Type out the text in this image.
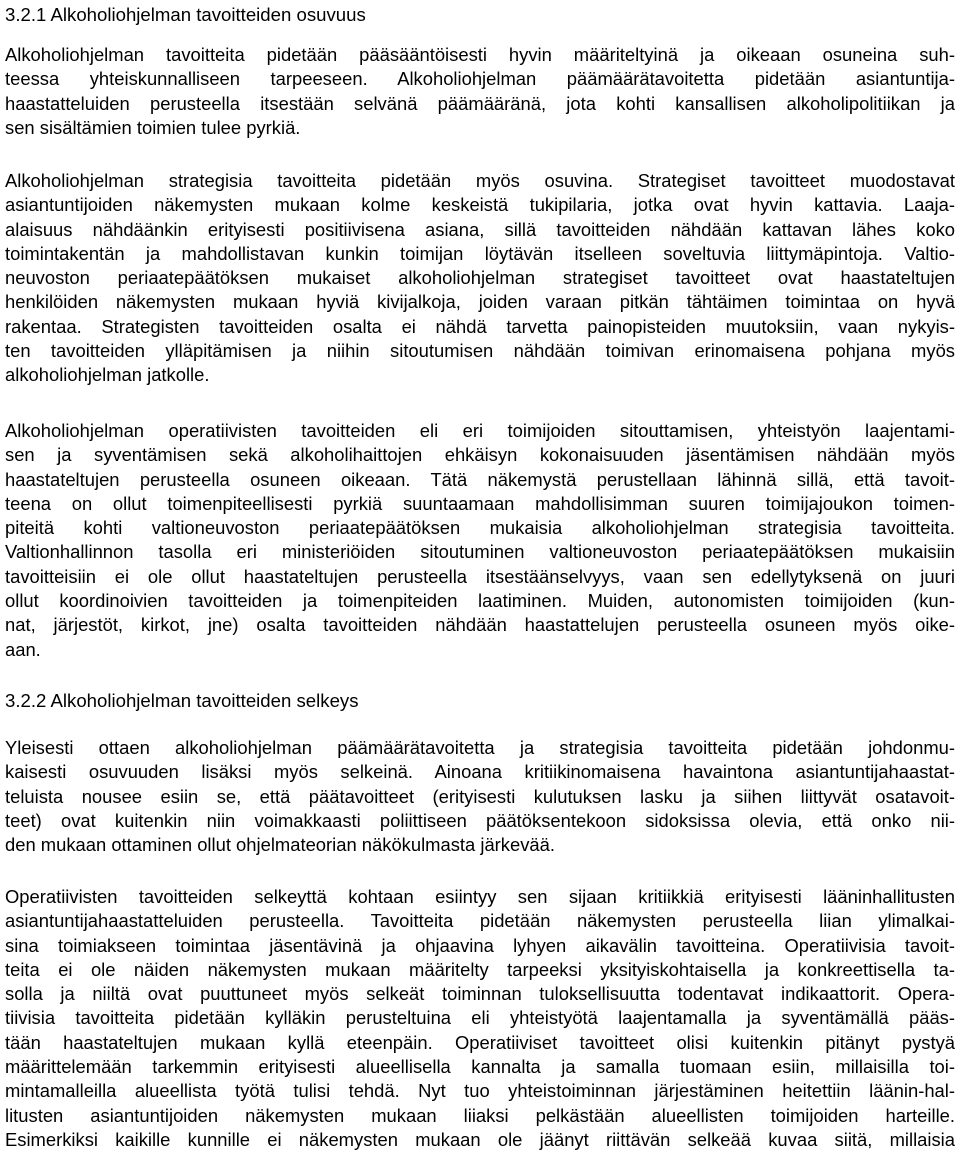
3.2.1 Alkoholiohjelman tavoitteiden osuvuus

Alkoholiohjelman tavoitteita pidetään pääsääntöisesti hyvin määriteltyinä ja oikeaan osuneina suh-
teessa yhteiskunnalliseen tarpeeseen. Alkoholiohjelman päämäärätavoitetta pidetään asiantuntija-
haastatteluiden perusteella itsestään selvänä päämääränä, jota kohti kansallisen alkoholipolitiikan ja
sen sisältämien toimien tulee pyrkiä.

Alkoholiohjelman strategisia tavoitteita pidetään myös osuvina. Strategiset tavoitteet muodostavat
asiantuntijoiden näkemysten mukaan kolme keskeistä tukipilaria, jotka ovat hyvin kattavia. Laaja-
alaisuus nähdäänkin erityisesti positiivisena asiana, sillä tavoitteiden nähdään kattavan lähes koko
toimintakentän ja mahdollistavan kunkin toimijan löytävän itselleen soveltuvia liittymäpintoja. Valtio-
neuvoston periaatepäätöksen mukaiset alkoholiohjelman strategiset tavoitteet ovat haastateltujen
henkilöiden näkemysten mukaan hyviä kivijalkoja, joiden varaan pitkän tähtäimen toimintaa on hyvä
rakentaa. Strategisten tavoitteiden osalta ei nähdä tarvetta painopisteiden muutoksiin, vaan nykyis-
ten tavoitteiden ylläpitämisen ja niihin sitoutumisen nähdään toimivan erinomaisena pohjana myös
alkoholiohjelman jatkolle.

Alkoholiohjelman operatiivisten tavoitteiden eli eri toimijoiden sitouttamisen, yhteistyön laajentami-
sen ja syventämisen sekä alkoholihaittojen ehkäisyn kokonaisuuden jäsentämisen nähdään myös
haastateltujen perusteella osuneen oikeaan. Tätä näkemystä perustellaan lähinnä sillä, että tavoit-
teena on ollut toimenpiteellisesti pyrkiä suuntaamaan mahdollisimman suuren toimijajoukon toimen-
piteitä kohti valtioneuvoston periaatepäätöksen mukaisia alkoholiohjelman strategisia tavoitteita.
Valtionhallinnon tasolla eri ministeriöiden sitoutuminen valtioneuvoston periaatepäätöksen mukaisiin
tavoitteisiin ei ole ollut haastateltujen perusteella itsestäänselvyys, vaan sen edellytyksenä on juuri
ollut koordinoivien tavoitteiden ja toimenpiteiden laatiminen. Muiden, autonomisten toimijoiden (kun-
nat, järjestöt, kirkot, jne) osalta tavoitteiden nähdään haastattelujen perusteella osuneen myös oike-
aan.

3.2.2 Alkoholiohjelman tavoitteiden selkeys

Yleisesti ottaen alkoholiohjelman päämäärätavoitetta ja strategisia tavoitteita pidetään johdonmu-
kaisesti osuvuuden lisäksi myös selkeinä. Ainoana kritiikinomaisena havaintona asiantuntijahaastat-
teluista nousee esiin se, että päätavoitteet (erityisesti kulutuksen lasku ja siihen liittyvät osatavoit-
teet) ovat kuitenkin niin voimakkaasti poliittiseen päätöksentekoon sidoksissa olevia, että onko nii-
den mukaan ottaminen ollut ohjelmateorian näkökulmasta järkevää.

Operatiivisten tavoitteiden selkeyttä kohtaan esiintyy sen sijaan kritiikkiä erityisesti lääninhallitusten
asiantuntijahaastatteluiden perusteella. Tavoitteita pidetään näkemysten perusteella liian ylimalkai-
sina toimiakseen toimintaa jäsentävinä ja ohjaavina lyhyen aikavälin tavoitteina. Operatiivisia tavoit-
teita ei ole näiden näkemysten mukaan määritelty tarpeeksi yksityiskohtaisella ja konkreettisella ta-
solla ja niiltä ovat puuttuneet myös selkeät toiminnan tuloksellisuutta todentavat indikaattorit. Opera-
tiivisia tavoitteita pidetään kylläkin perusteltuina eli yhteistyötä laajentamalla ja syventämällä pääs-
tään haastateltujen mukaan kyllä eteenpäin. Operatiiviset tavoitteet olisi kuitenkin pitänyt pystyä
määrittelemään tarkemmin erityisesti alueellisella kannalta ja samalla tuomaan esiin, millaisilla toi-
mintamalleilla alueellista työtä tulisi tehdä. Nyt tuo yhteistoiminnan järjestäminen heitettiin läänin-hal-
litusten asiantuntijoiden näkemysten mukaan liiaksi pelkästään alueellisten toimijoiden harteille.
Esimerkiksi kaikille kunnille ei näkemysten mukaan ole jäänyt riittävän selkeää kuvaa siitä, millaisia
